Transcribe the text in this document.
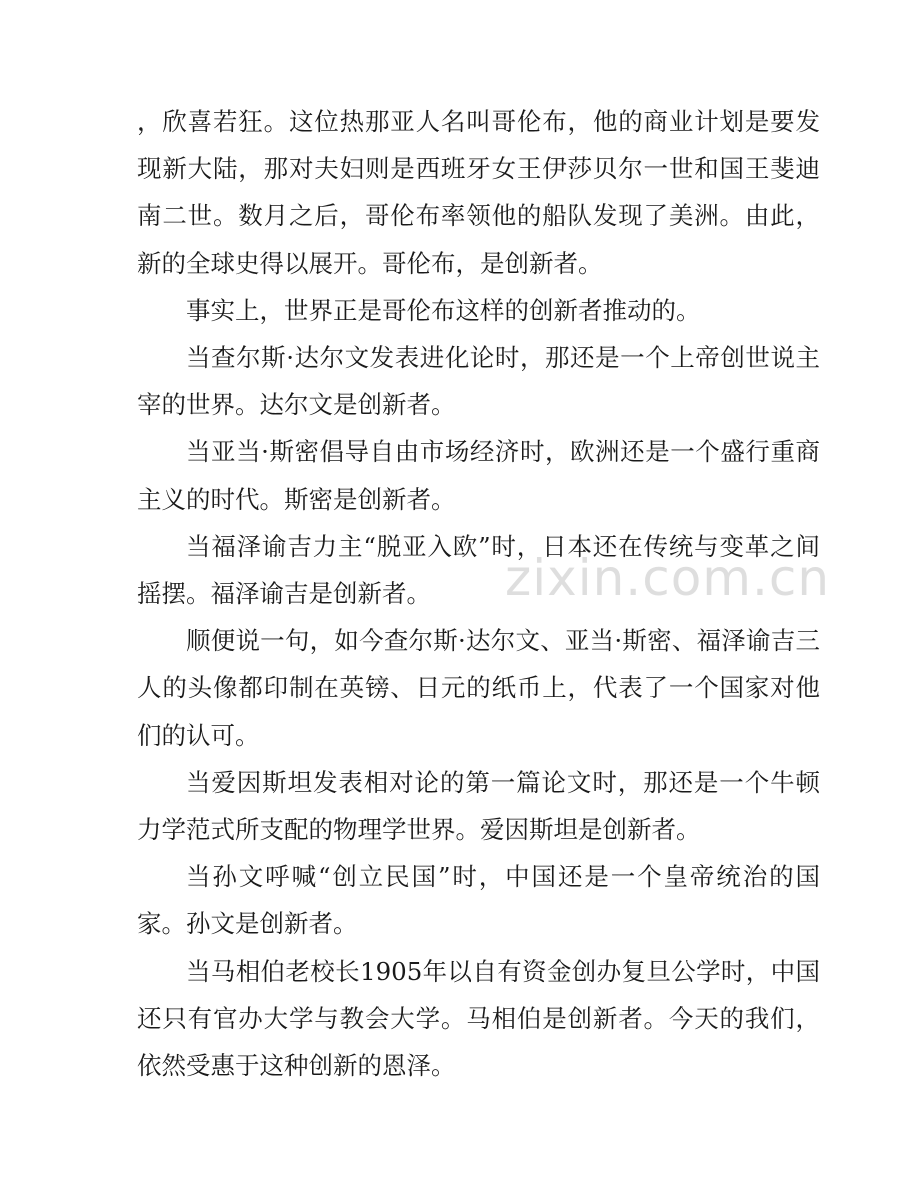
，欣喜若狂。这位热那亚人名叫哥伦布，他的商业计划是要发现新大陆，那对夫妇则是西班牙女王伊莎贝尔一世和国王斐迪南二世。数月之后，哥伦布率领他的船队发现了美洲。由此，新的全球史得以展开。哥伦布，是创新者。

事实上，世界正是哥伦布这样的创新者推动的。

当查尔斯·达尔文发表进化论时，那还是一个上帝创世说主宰的世界。达尔文是创新者。

当亚当·斯密倡导自由市场经济时，欧洲还是一个盛行重商主义的时代。斯密是创新者。

当福泽谕吉力主“脱亚入欧”时，日本还在传统与变革之间摇摆。福泽谕吉是创新者。

顺便说一句，如今查尔斯·达尔文、亚当·斯密、福泽谕吉三人的头像都印制在英镑、日元的纸币上，代表了一个国家对他们的认可。

当爱因斯坦发表相对论的第一篇论文时，那还是一个牛顿力学范式所支配的物理学世界。爱因斯坦是创新者。

当孙文呼喊“创立民国”时，中国还是一个皇帝统治的国家。孙文是创新者。

当马相伯老校长1905年以自有资金创办复旦公学时，中国还只有官办大学与教会大学。马相伯是创新者。今天的我们，依然受惠于这种创新的恩泽。

zixin.com.cn
